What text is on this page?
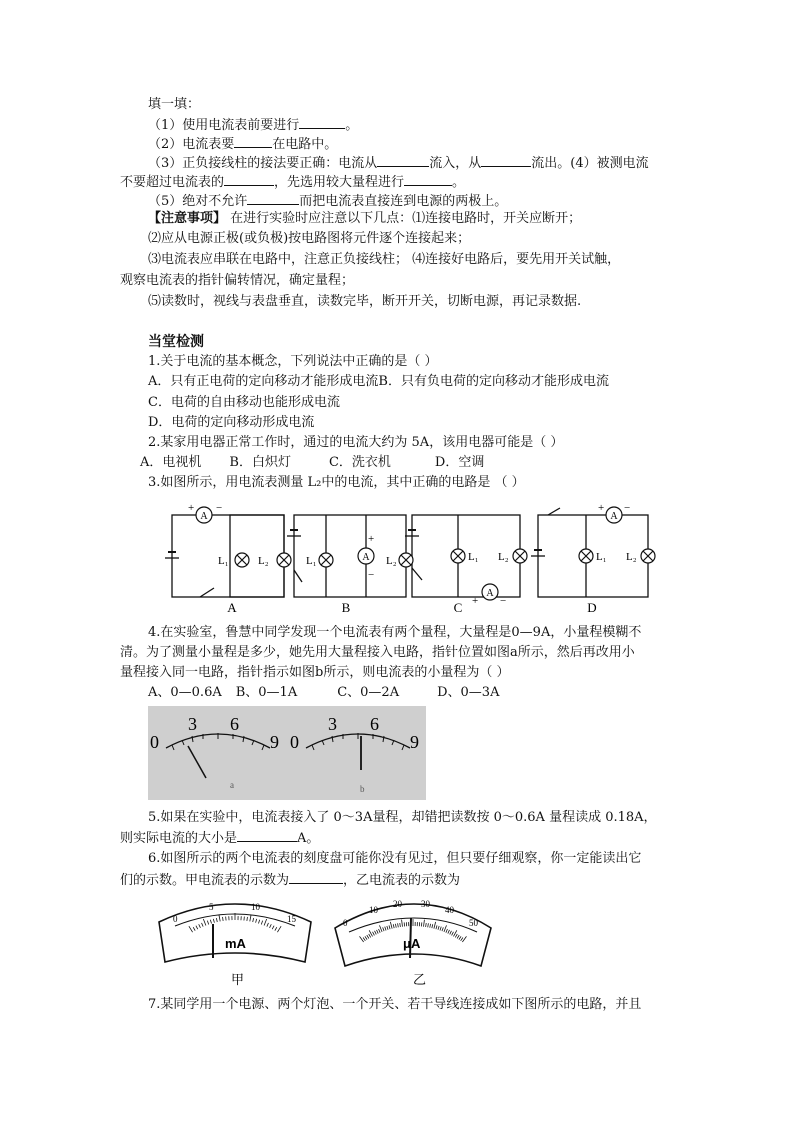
填一填：
（1）使用电流表前要进行	。
（2）电流表要	在电路中。
（3）正负接线柱的接法要正确：电流从	流入，从	流出。(4）被测电流
不要超过电流表的	，先选用较大量程进行	。
（5）绝对不允许	而把电流表直接连到电源的两极上。
【注意事项】 在进行实验时应注意以下几点：⑴连接电路时，开关应断开；
⑵应从电源正极(或负极)按电路图将元件逐个连接起来；
⑶电流表应串联在电路中，注意正负接线柱； ⑷连接好电路后，要先用开关试触，
观察电流表的指针偏转情况，确定量程；
⑸读数时，视线与表盘垂直，读数完毕，断开开关，切断电源，再记录数据.
当堂检测
1.关于电流的基本概念，下列说法中正确的是（ ）
A．只有正电荷的定向移动才能形成电流B．只有负电荷的定向移动才能形成电流
C．电荷的自由移动也能形成电流
D．电荷的定向移动形成电流
2.某家用电器正常工作时，通过的电流大约为 5A，该用电器可能是（ ）
A．电视机 B．白炽灯	C．洗衣机	D．空调
3.如图所示，用电流表测量 L₂中的电流，其中正确的电路是 （ ）
A
A
A
A
+ −
+
−
+ −
+ −
L₁	L₂	L₁	L₂	L₁ L₂	L₁ L₂
A	B	C	D
4.在实验室，鲁慧中同学发现一个电流表有两个量程，大量程是0—9A，小量程模糊不
清。为了测量小量程是多少，她先用大量程接入电路，指针位置如图a所示，然后再改用小
量程接入同一电路，指针指示如图b所示，则电流表的小量程为（ ）
A、0—0.6A B、0—1A	C、0—2A	D、0—3A
0
3 6
9 0
3 6
9
a	b
5.如果在实验中，电流表接入了 0～3A量程，却错把读数按 0～0.6A 量程读成 0.18A，
则实际电流的大小是	A。
6.如图所示的两个电流表的刻度盘可能你没有见过，但只要仔细观察，你一定能读出它
们的示数。甲电流表的示数为	，乙电流表的示数为
0
5	10
15
mA
甲
0
10
20 30
40
50
μA
乙
7.某同学用一个电源、两个灯泡、一个开关、若干导线连接成如下图所示的电路，并且
